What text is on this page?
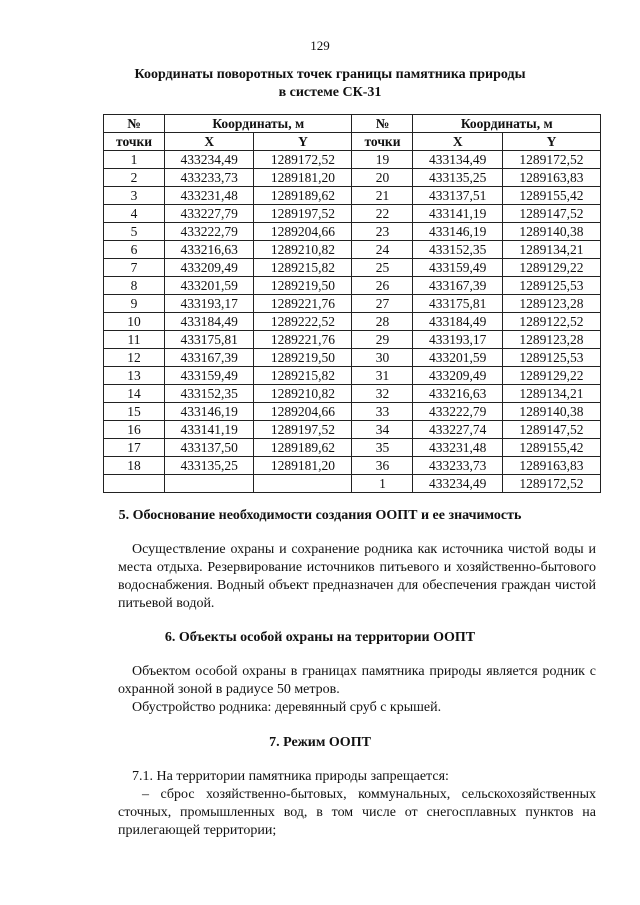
129
Координаты поворотных точек границы памятника природы
в системе СК-31
№	Координаты, м		№	Координаты, м	
точки	X	Y	точки	X	Y
1	433234,49	1289172,52	19	433134,49	1289172,52
2	433233,73	1289181,20	20	433135,25	1289163,83
3	433231,48	1289189,62	21	433137,51	1289155,42
4	433227,79	1289197,52	22	433141,19	1289147,52
5	433222,79	1289204,66	23	433146,19	1289140,38
6	433216,63	1289210,82	24	433152,35	1289134,21
7	433209,49	1289215,82	25	433159,49	1289129,22
8	433201,59	1289219,50	26	433167,39	1289125,53
9	433193,17	1289221,76	27	433175,81	1289123,28
10	433184,49	1289222,52	28	433184,49	1289122,52
11	433175,81	1289221,76	29	433193,17	1289123,28
12	433167,39	1289219,50	30	433201,59	1289125,53
13	433159,49	1289215,82	31	433209,49	1289129,22
14	433152,35	1289210,82	32	433216,63	1289134,21
15	433146,19	1289204,66	33	433222,79	1289140,38
16	433141,19	1289197,52	34	433227,74	1289147,52
17	433137,50	1289189,62	35	433231,48	1289155,42
18	433135,25	1289181,20	36	433233,73	1289163,83
			1	433234,49	1289172,52
5. Обоснование необходимости создания ООПТ и ее значимость

Осуществление охраны и сохранение родника как источника чистой воды и места отдыха. Резервирование источников питьевого и хозяйственно-бытового водоснабжения. Водный объект предназначен для обеспечения граждан чистой питьевой водой.

6. Объекты особой охраны на территории ООПТ

Объектом особой охраны в границах памятника природы является родник с охранной зоной в радиусе 50 метров.

Обустройство родника: деревянный сруб с крышей.

7. Режим ООПТ

7.1. На территории памятника природы запрещается:

– сброс хозяйственно-бытовых, коммунальных, сельскохозяйственных сточных, промышленных вод, в том числе от снегосплавных пунктов на прилегающей территории;
